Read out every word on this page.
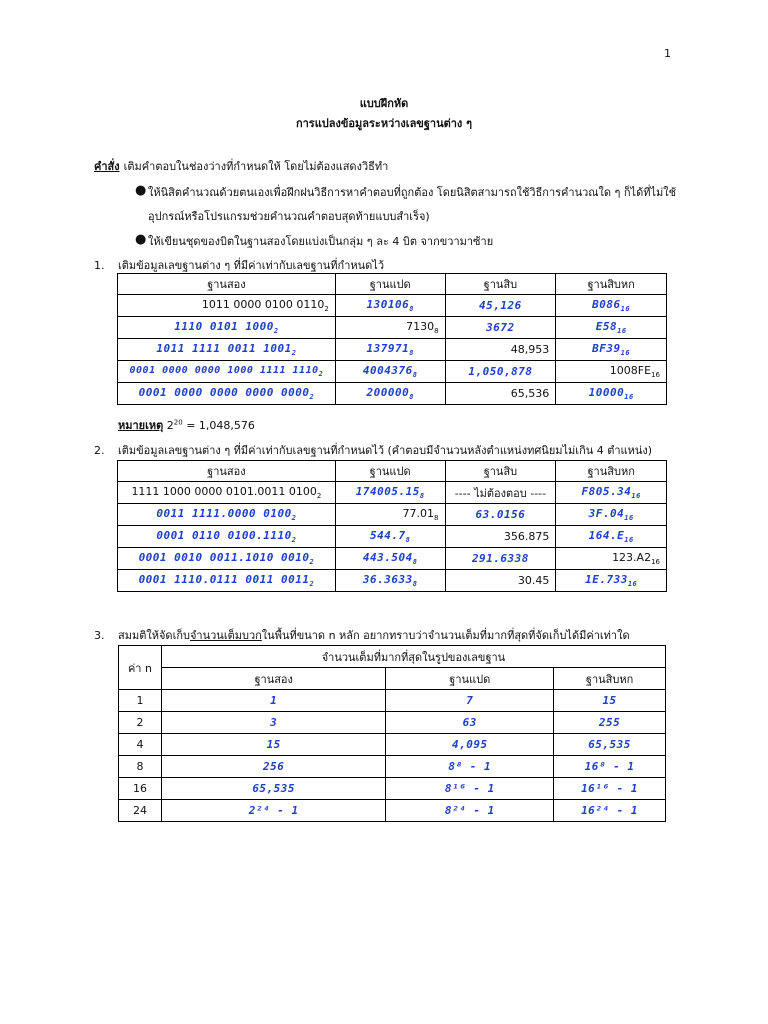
1
แบบฝึกหัด
การแปลงข้อมูลระหว่างเลขฐานต่าง ๆ
คำสั่ง เติมคำตอบในช่องว่างที่กำหนดให้ โดยไม่ต้องแสดงวิธีทำ
● ให้นิสิตคำนวณด้วยตนเองเพื่อฝึกฝนวิธีการหาคำตอบที่ถูกต้อง โดยนิสิตสามารถใช้วิธีการคำนวณใด ๆ ก็ได้ที่ไม่ใช้
อุปกรณ์หรือโปรแกรมช่วยคำนวณคำตอบสุดท้ายแบบสำเร็จ)
● ให้เขียนชุดของบิตในฐานสองโดยแบ่งเป็นกลุ่ม ๆ ละ 4 บิต จากขวามาซ้าย
1. เติมข้อมูลเลขฐานต่าง ๆ ที่มีค่าเท่ากับเลขฐานที่กำหนดไว้
ฐานสอง	ฐานแปด	ฐานสิบ	ฐานสิบหก
1011 0000 0100 $0110_2$	$130106_8$	45,126	$B086_{16}$
1110 0101 $1000_2$	$7130_8$	3672	$E58_{16}$
1011 1111 0011 $1001_2$	$137971_8$	48,953	$BF39_{16}$
0001 0000 0000 1000 1111 $1110_2$	$4004376_8$	1,050,878	$1008FE_{16}$
0001 0000 0000 0000 $0000_2$	$200000_8$	65,536	$10000_{16}$
หมายเหตุ $2^{20} = 1,048,576$
2. เติมข้อมูลเลขฐานต่าง ๆ ที่มีค่าเท่ากับเลขฐานที่กำหนดไว้ (คำตอบมีจำนวนหลังตำแหน่งทศนิยมไม่เกิน 4 ตำแหน่ง)
ฐานสอง	ฐานแปด	ฐานสิบ	ฐานสิบหก
1111 1000 0000 0101.0011 $0100_2$	$174005.15_8$	---- ไม่ต้องตอบ ----	$F805.34_{16}$
0011 1111.0000 $0100_2$	$77.01_8$	63.0156	$3F.04_{16}$
0001 0110 $0100.1110_2$	$544.7_8$	356.875	$164.E_{16}$
0001 0010 0011.1010 $0010_2$	$443.504_8$	291.6338	$123.A2_{16}$
0001 1110.0111 0011 $0011_2$	$36.3633_8$	30.45	$1E.733_{16}$
3. สมมติให้จัดเก็บจำนวนเต็มบวกในพื้นที่ขนาด n หลัก อยากทราบว่าจำนวนเต็มที่มากที่สุดที่จัดเก็บได้มีค่าเท่าใด
ค่า n	จำนวนเต็มที่มากที่สุดในรูปของเลขฐาน		
	ฐานสอง	ฐานแปด	ฐานสิบหก
1	1	7	15
2	3	63	255
4	15	4,095	65,535
8	256	8⁸ - 1	16⁸ - 1
16	65,535	8¹⁶ - 1	16¹⁶ - 1
24	2²⁴ - 1	8²⁴ - 1	16²⁴ - 1
